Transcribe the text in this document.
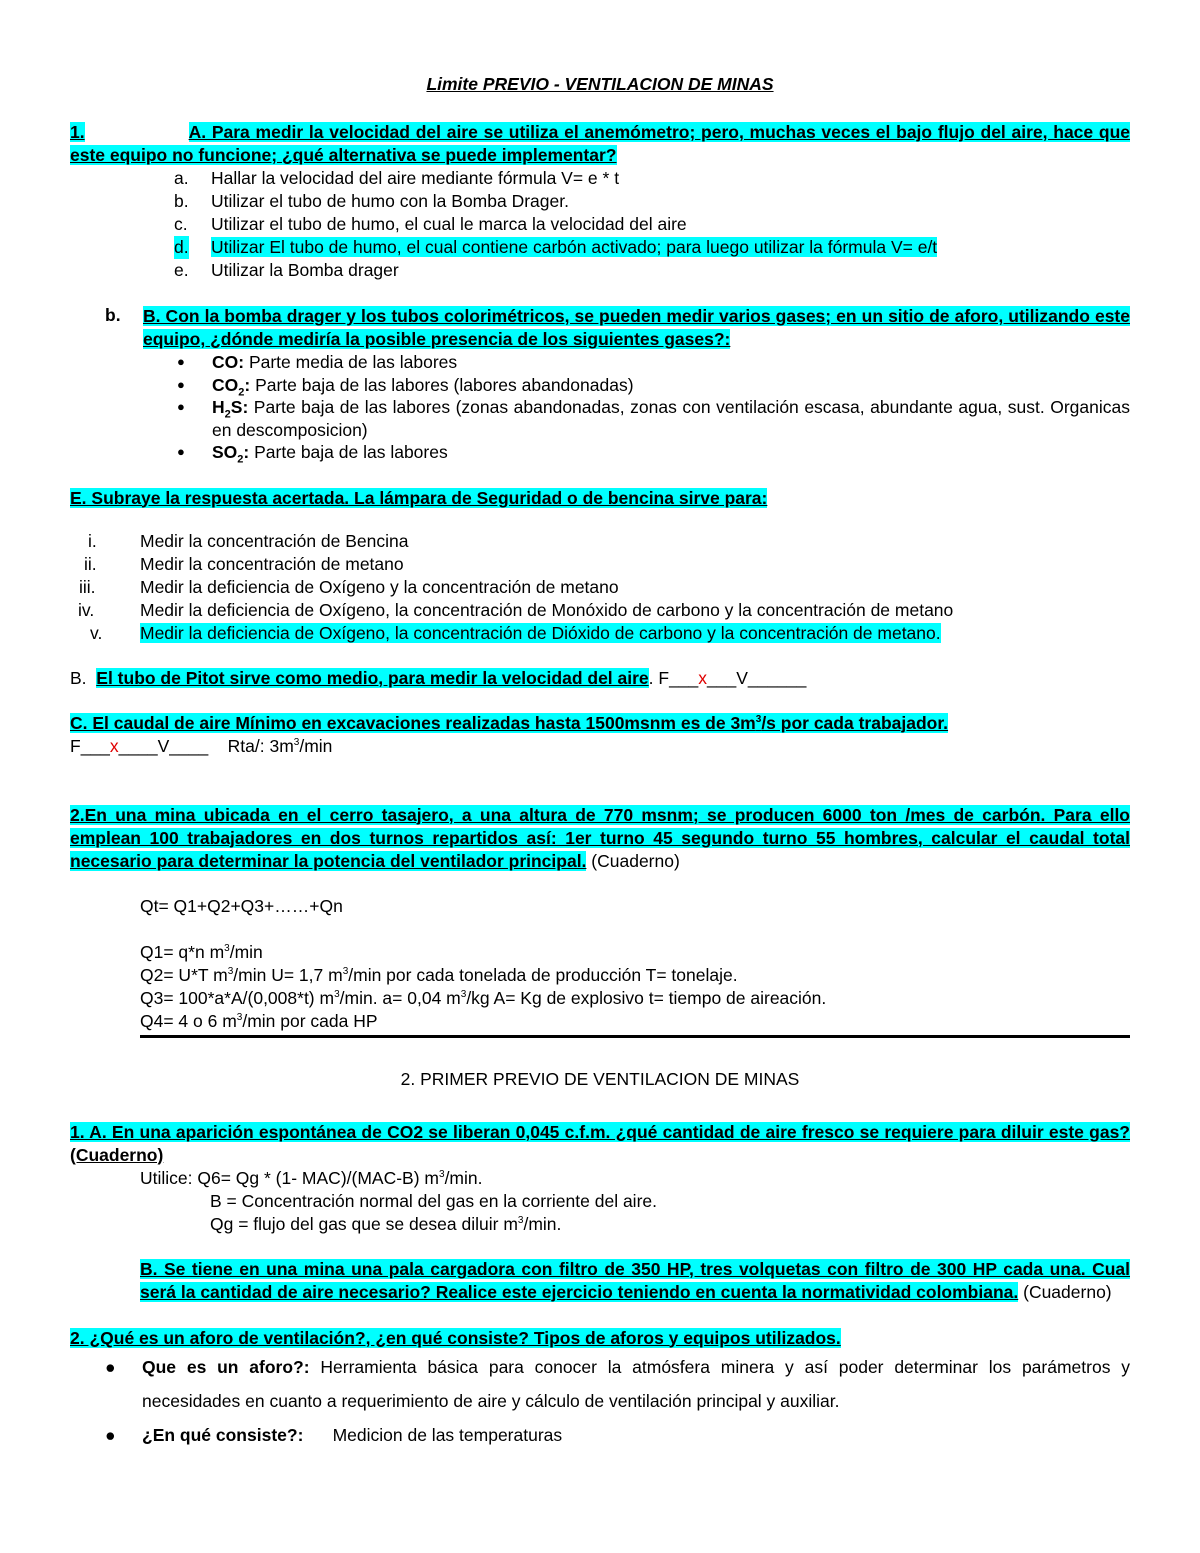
Limite PREVIO - VENTILACION DE MINAS

1.	A. Para medir la velocidad del aire se utiliza el anemómetro; pero, muchas veces el bajo flujo del aire, hace que este equipo no funcione; ¿qué alternativa se puede implementar?

a. Hallar la velocidad del aire mediante fórmula V= e * t
b. Utilizar el tubo de humo con la Bomba Drager.
c. Utilizar el tubo de humo, el cual le marca la velocidad del aire
d. Utilizar El tubo de humo, el cual contiene carbón activado; para luego utilizar la fórmula V= e/t
e. Utilizar la Bomba drager
b. B. Con la bomba drager y los tubos colorimétricos, se pueden medir varios gases; en un sitio de aforo, utilizando este equipo, ¿dónde mediría la posible presencia de los siguientes gases?:

● CO: Parte media de las labores
● $CO_2$: Parte baja de las labores (labores abandonadas)
● $H_2S$: Parte baja de las labores (zonas abandonadas, zonas con ventilación escasa, abundante agua, sust. Organicas en descomposicion)
● $SO_2$: Parte baja de las labores

E. Subraye la respuesta acertada. La lámpara de Seguridad o de bencina sirve para:

i. Medir la concentración de Bencina
ii. Medir la concentración de metano
iii.	Medir la deficiencia de Oxígeno y la concentración de metano
iv.	Medir la deficiencia de Oxígeno, la concentración de Monóxido de carbono y la concentración de metano
v. Medir la deficiencia de Oxígeno, la concentración de Dióxido de carbono y la concentración de metano.

B. El tubo de Pitot sirve como medio, para medir la velocidad del aire. F___x___V______

C. El caudal de aire Mínimo en excavaciones realizadas hasta 1500msnm es de $3m^3/s$ por cada trabajador.

F___x____V____ Rta/: $3m^3/\min$

2.En una mina ubicada en el cerro tasajero, a una altura de 770 msnm; se producen 6000 ton /mes de carbón. Para ello emplean 100 trabajadores en dos turnos repartidos así: 1er turno 45 segundo turno 55 hombres, calcular el caudal total necesario para determinar la potencia del ventilador principal. (Cuaderno)

Qt= Q1+Q2+Q3+……+Qn

Q1= q*n $m^3/\min$

Q2= U*T $m^3/\min$ U= 1,7 $m^3/\min$ por cada tonelada de producción T= tonelaje.

Q3= 100*a*A/(0,008*t) $m^3/\min$. a= 0,04 $m^3/kg$ A= Kg de explosivo t= tiempo de aireación.

Q4= 4 o 6 $m^3/\min$ por cada HP

2. PRIMER PREVIO DE VENTILACION DE MINAS

1. A. En una aparición espontánea de CO2 se liberan 0,045 c.f.m. ¿qué cantidad de aire fresco se requiere para diluir este gas? (Cuaderno)

Utilice: Q6= Qg * (1- MAC)/(MAC-B) $m^3/\min$.

B = Concentración normal del gas en la corriente del aire.

Qg = flujo del gas que se desea diluir $m^3/\min$.

B. Se tiene en una mina una pala cargadora con filtro de 350 HP, tres volquetas con filtro de 300 HP cada una. Cual será la cantidad de aire necesario? Realice este ejercicio teniendo en cuenta la normatividad colombiana. (Cuaderno)

2. ¿Qué es un aforo de ventilación?, ¿en qué consiste? Tipos de aforos y equipos utilizados.

● Que es un aforo?: Herramienta básica para conocer la atmósfera minera y así poder determinar los parámetros y necesidades en cuanto a requerimiento de aire y cálculo de ventilación principal y auxiliar.
● ¿En qué consiste?:      Medicion de las temperaturas
